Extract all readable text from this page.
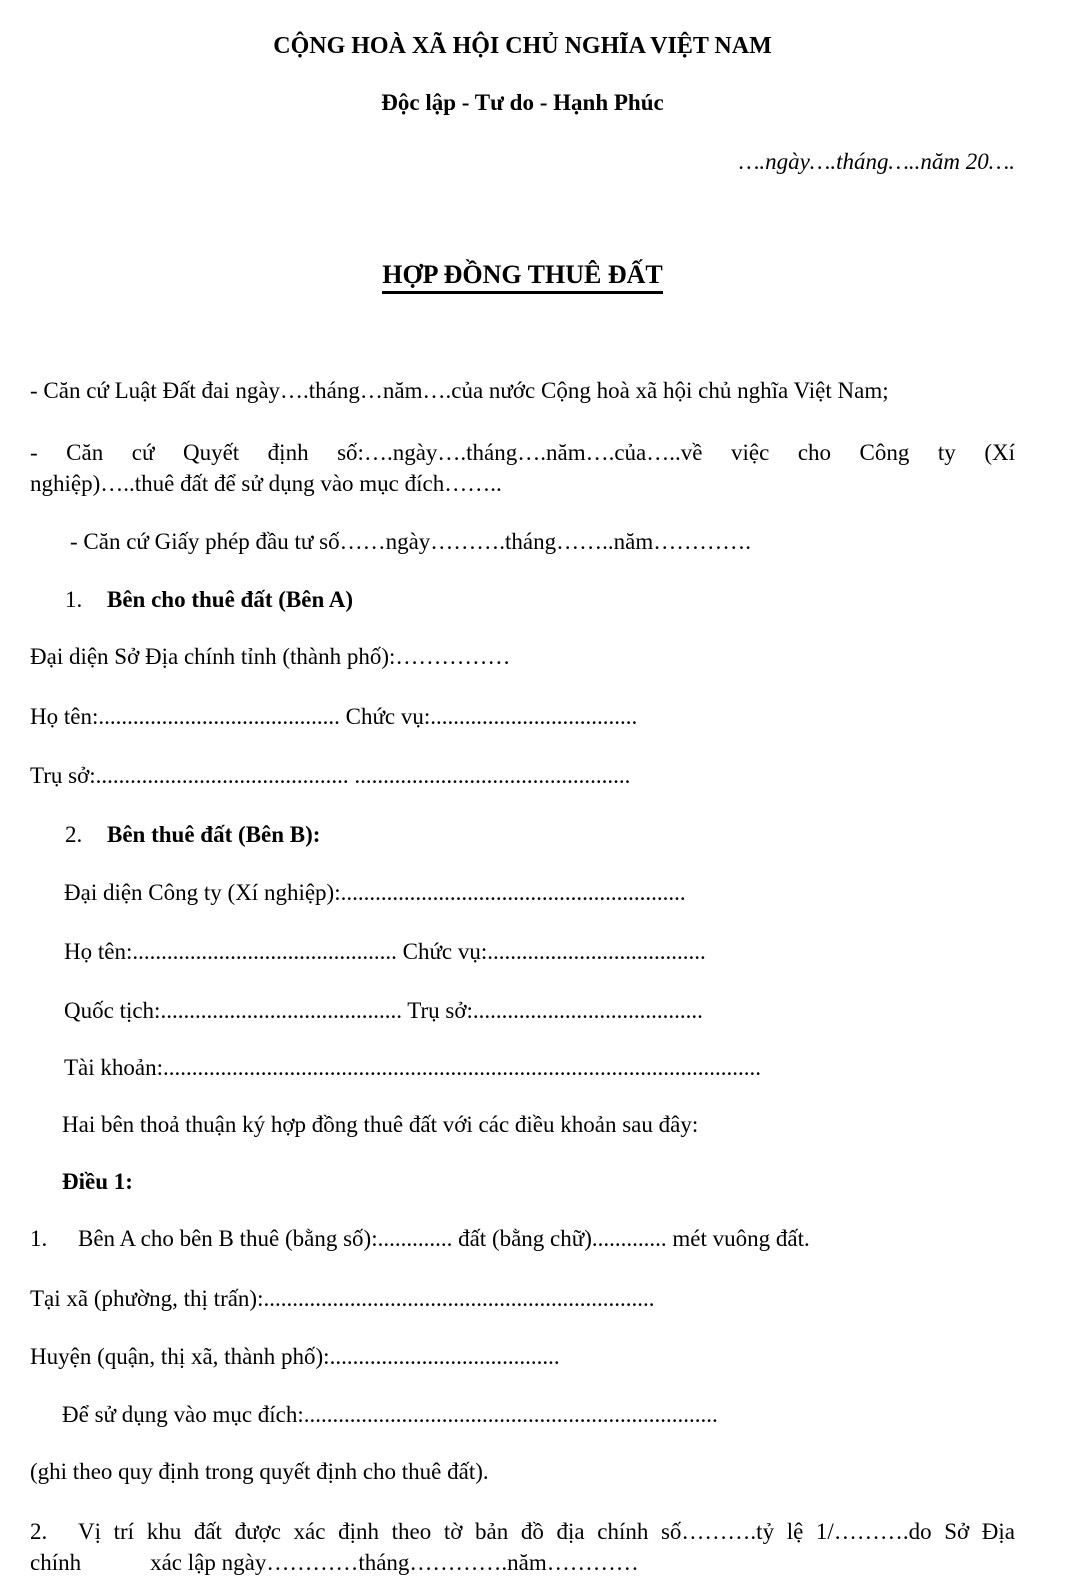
CỘNG HOÀ XÃ HỘI CHỦ NGHĨA VIỆT NAM
Độc lập - Tư do - Hạnh Phúc
….ngày….tháng…..năm 20….
HỢP ĐỒNG THUÊ ĐẤT
- Căn cứ Luật Đất đai ngày….tháng…năm….của nước Cộng hoà xã hội chủ nghĩa Việt Nam;
- Căn cứ Quyết định số:….ngày….tháng….năm….của…..về việc cho Công ty (Xí
nghiệp)…..thuê đất để sử dụng vào mục đích……..
- Căn cứ Giấy phép đầu tư số……ngày……….tháng……..năm………….
1.	Bên cho thuê đất (Bên A)
Đại diện Sở Địa chính tỉnh (thành phố):……………
Họ tên:.......................................... Chức vụ:....................................
Trụ sở:............................................ ................................................
2.	Bên thuê đất (Bên B):
Đại diện Công ty (Xí nghiệp):............................................................
Họ tên:.............................................. Chức vụ:......................................
Quốc tịch:.......................................... Trụ sở:........................................
Tài khoản:........................................................................................................
Hai bên thoả thuận ký hợp đồng thuê đất với các điều khoản sau đây:
Điều 1:
1.	Bên A cho bên B thuê (bằng số):............. đất (bằng chữ)............. mét vuông đất.
Tại xã (phường, thị trấn):....................................................................
Huyện (quận, thị xã, thành phố):........................................
Để sử dụng vào mục đích:........................................................................
(ghi theo quy định trong quyết định cho thuê đất).
2.	Vị trí khu đất được xác định theo tờ bản đồ địa chính số……….tỷ lệ 1/……….do Sở Địa
chính            xác lập ngày…………tháng………….năm…………
